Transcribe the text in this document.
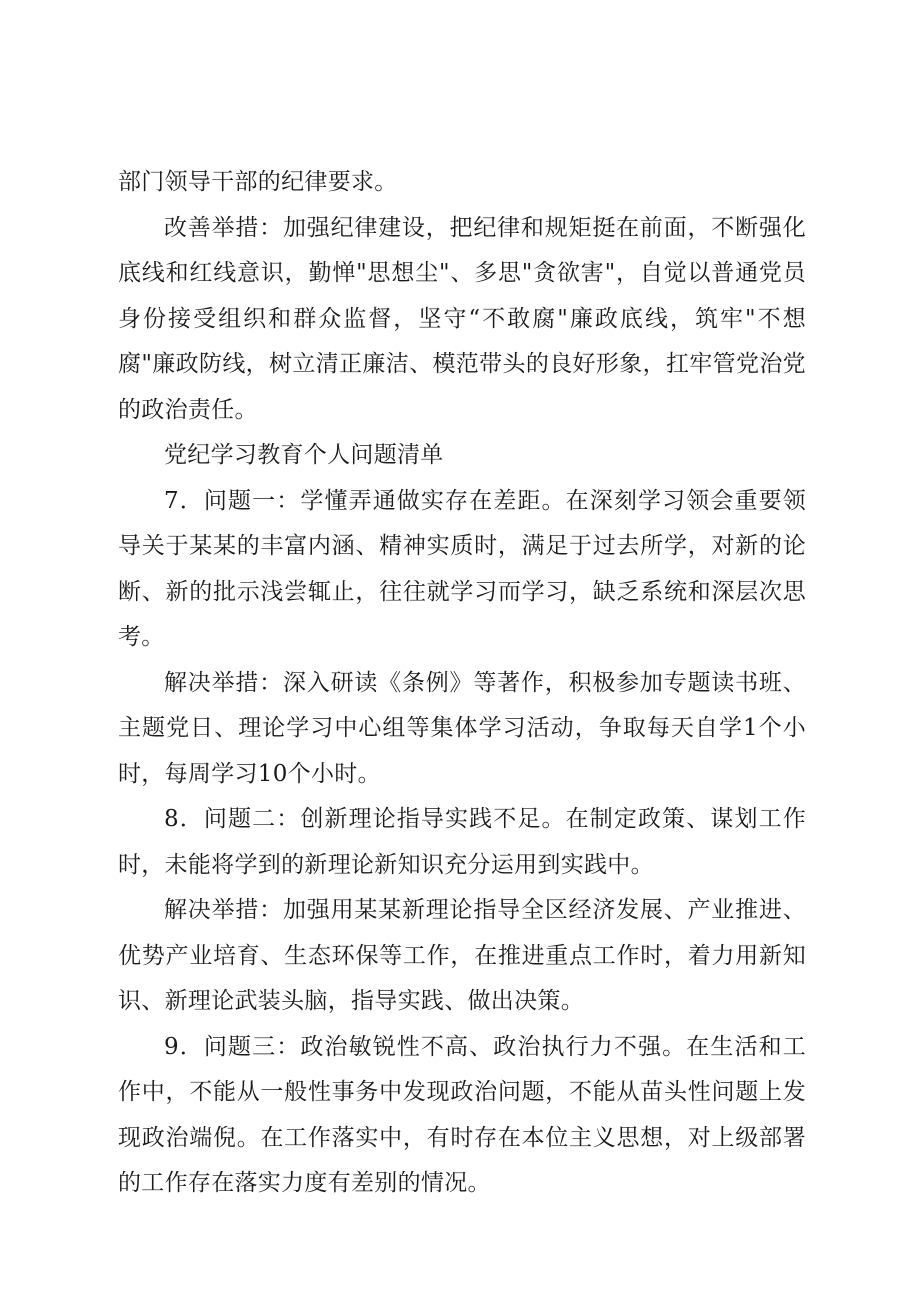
部门领导干部的纪律要求。

改善举措：加强纪律建设，把纪律和规矩挺在前面，不断强化底线和红线意识，勤惮"思想尘"、多思"贪欲害"，自觉以普通党员身份接受组织和群众监督，坚守“不敢腐"廉政底线，筑牢"不想腐"廉政防线，树立清正廉洁、模范带头的良好形象，扛牢管党治党的政治责任。

党纪学习教育个人问题清单

7．问题一：学懂弄通做实存在差距。在深刻学习领会重要领导关于某某的丰富内涵、精神实质时，满足于过去所学，对新的论断、新的批示浅尝辄止，往往就学习而学习，缺乏系统和深层次思考。

解决举措：深入研读《条例》等著作，积极参加专题读书班、主题党日、理论学习中心组等集体学习活动，争取每天自学1个小时，每周学习10个小时。

8．问题二：创新理论指导实践不足。在制定政策、谋划工作时，未能将学到的新理论新知识充分运用到实践中。

解决举措：加强用某某新理论指导全区经济发展、产业推进、优势产业培育、生态环保等工作，在推进重点工作时，着力用新知识、新理论武装头脑，指导实践、做出决策。

9．问题三：政治敏锐性不高、政治执行力不强。在生活和工作中，不能从一般性事务中发现政治问题，不能从苗头性问题上发现政治端倪。在工作落实中，有时存在本位主义思想，对上级部署的工作存在落实力度有差别的情况。
